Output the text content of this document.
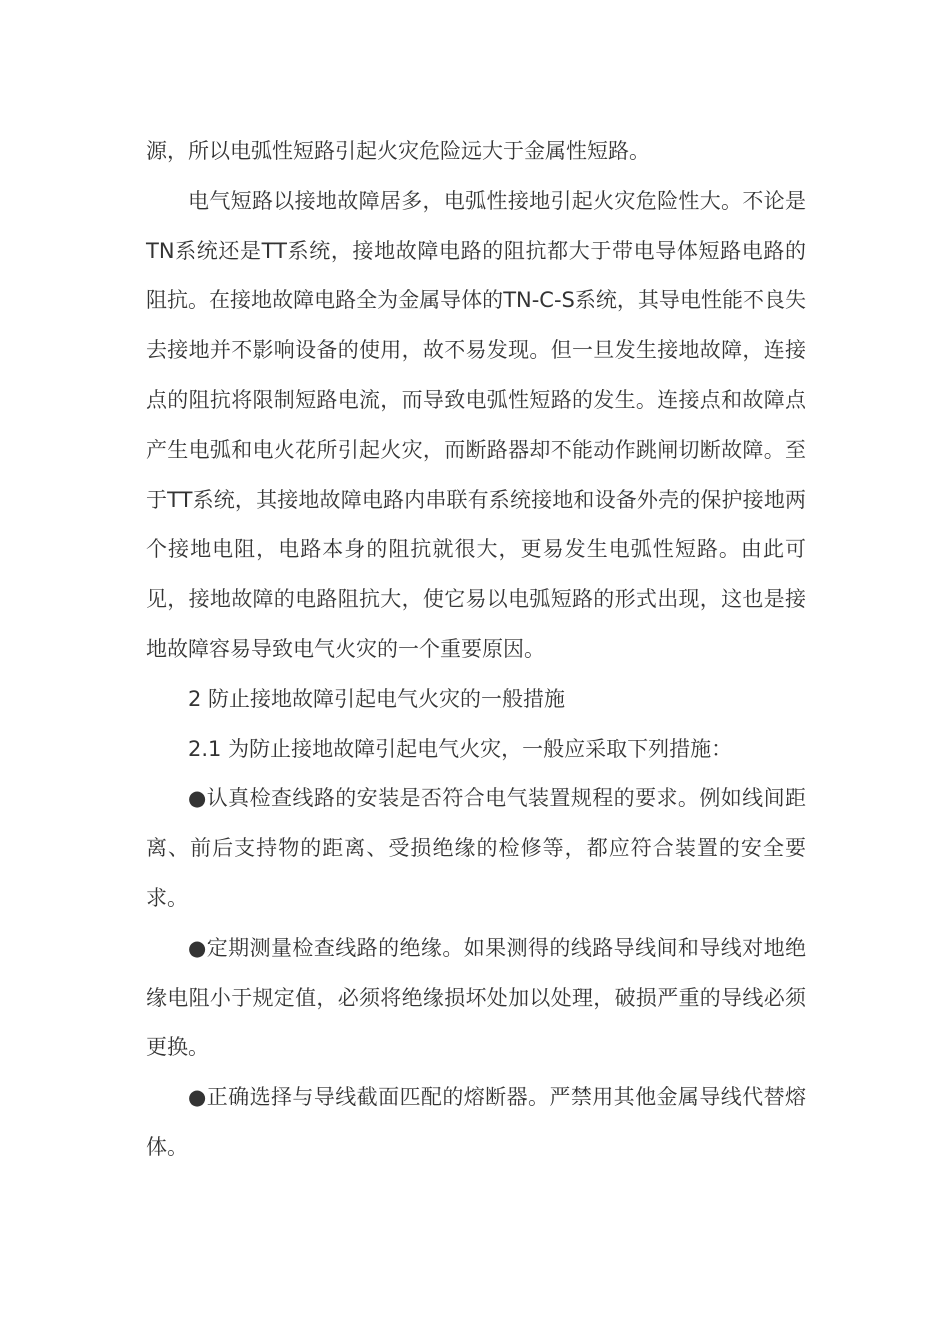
源，所以电弧性短路引起火灾危险远大于金属性短路。

电气短路以接地故障居多，电弧性接地引起火灾危险性大。不论是TN系统还是TT系统，接地故障电路的阻抗都大于带电导体短路电路的阻抗。在接地故障电路全为金属导体的TN-C-S系统，其导电性能不良失去接地并不影响设备的使用，故不易发现。但一旦发生接地故障，连接点的阻抗将限制短路电流，而导致电弧性短路的发生。连接点和故障点产生电弧和电火花所引起火灾，而断路器却不能动作跳闸切断故障。至于TT系统，其接地故障电路内串联有系统接地和设备外壳的保护接地两个接地电阻，电路本身的阻抗就很大，更易发生电弧性短路。由此可见，接地故障的电路阻抗大，使它易以电弧短路的形式出现，这也是接地故障容易导致电气火灾的一个重要原因。

2 防止接地故障引起电气火灾的一般措施

2.1 为防止接地故障引起电气火灾，一般应采取下列措施：

●认真检查线路的安装是否符合电气装置规程的要求。例如线间距离、前后支持物的距离、受损绝缘的检修等，都应符合装置的安全要求。

●定期测量检查线路的绝缘。如果测得的线路导线间和导线对地绝缘电阻小于规定值，必须将绝缘损坏处加以处理，破损严重的导线必须更换。

●正确选择与导线截面匹配的熔断器。严禁用其他金属导线代替熔体。
